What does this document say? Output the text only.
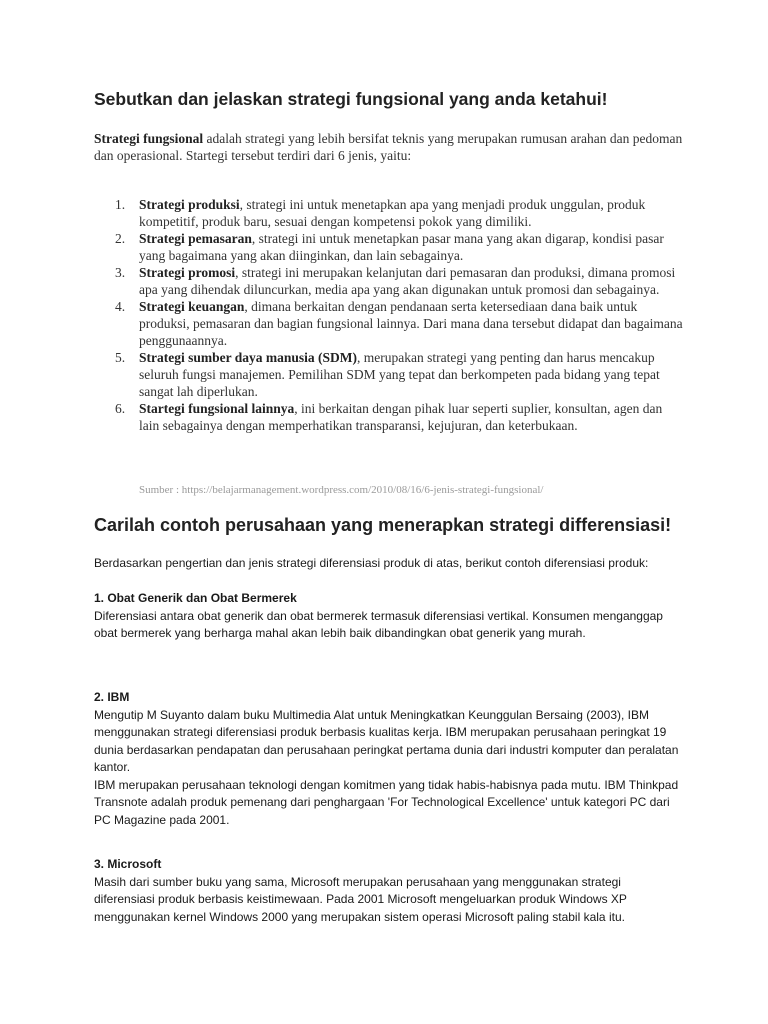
Sebutkan dan jelaskan strategi fungsional yang anda ketahui!
Strategi fungsional adalah strategi yang lebih bersifat teknis yang merupakan rumusan arahan dan pedoman dan operasional. Startegi tersebut terdiri dari 6 jenis, yaitu:
1. Strategi produksi, strategi ini untuk menetapkan apa yang menjadi produk unggulan, produk kompetitif, produk baru, sesuai dengan kompetensi pokok yang dimiliki.
2. Strategi pemasaran, strategi ini untuk menetapkan pasar mana yang akan digarap, kondisi pasar yang bagaimana yang akan diinginkan, dan lain sebagainya.
3. Strategi promosi, strategi ini merupakan kelanjutan dari pemasaran dan produksi, dimana promosi apa yang dihendak diluncurkan, media apa yang akan digunakan untuk promosi dan sebagainya.
4. Strategi keuangan, dimana berkaitan dengan pendanaan serta ketersediaan dana baik untuk produksi, pemasaran dan bagian fungsional lainnya. Dari mana dana tersebut didapat dan bagaimana penggunaannya.
5. Strategi sumber daya manusia (SDM), merupakan strategi yang penting dan harus mencakup seluruh fungsi manajemen. Pemilihan SDM yang tepat dan berkompeten pada bidang yang tepat sangat lah diperlukan.
6. Startegi fungsional lainnya, ini berkaitan dengan pihak luar seperti suplier, konsultan, agen dan lain sebagainya dengan memperhatikan transparansi, kejujuran, dan keterbukaan.
Sumber : https://belajarmanagement.wordpress.com/2010/08/16/6-jenis-strategi-fungsional/
Carilah contoh perusahaan yang menerapkan strategi differensiasi!
Berdasarkan pengertian dan jenis strategi diferensiasi produk di atas, berikut contoh diferensiasi produk:
1. Obat Generik dan Obat Bermerek

Diferensiasi antara obat generik dan obat bermerek termasuk diferensiasi vertikal. Konsumen menganggap obat bermerek yang berharga mahal akan lebih baik dibandingkan obat generik yang murah.

2. IBM

Mengutip M Suyanto dalam buku Multimedia Alat untuk Meningkatkan Keunggulan Bersaing (2003), IBM menggunakan strategi diferensiasi produk berbasis kualitas kerja. IBM merupakan perusahaan peringkat 19 dunia berdasarkan pendapatan dan perusahaan peringkat pertama dunia dari industri komputer dan peralatan kantor.

IBM merupakan perusahaan teknologi dengan komitmen yang tidak habis-habisnya pada mutu. IBM Thinkpad Transnote adalah produk pemenang dari penghargaan 'For Technological Excellence' untuk kategori PC dari PC Magazine pada 2001.

3. Microsoft

Masih dari sumber buku yang sama, Microsoft merupakan perusahaan yang menggunakan strategi diferensiasi produk berbasis keistimewaan. Pada 2001 Microsoft mengeluarkan produk Windows XP menggunakan kernel Windows 2000 yang merupakan sistem operasi Microsoft paling stabil kala itu.
